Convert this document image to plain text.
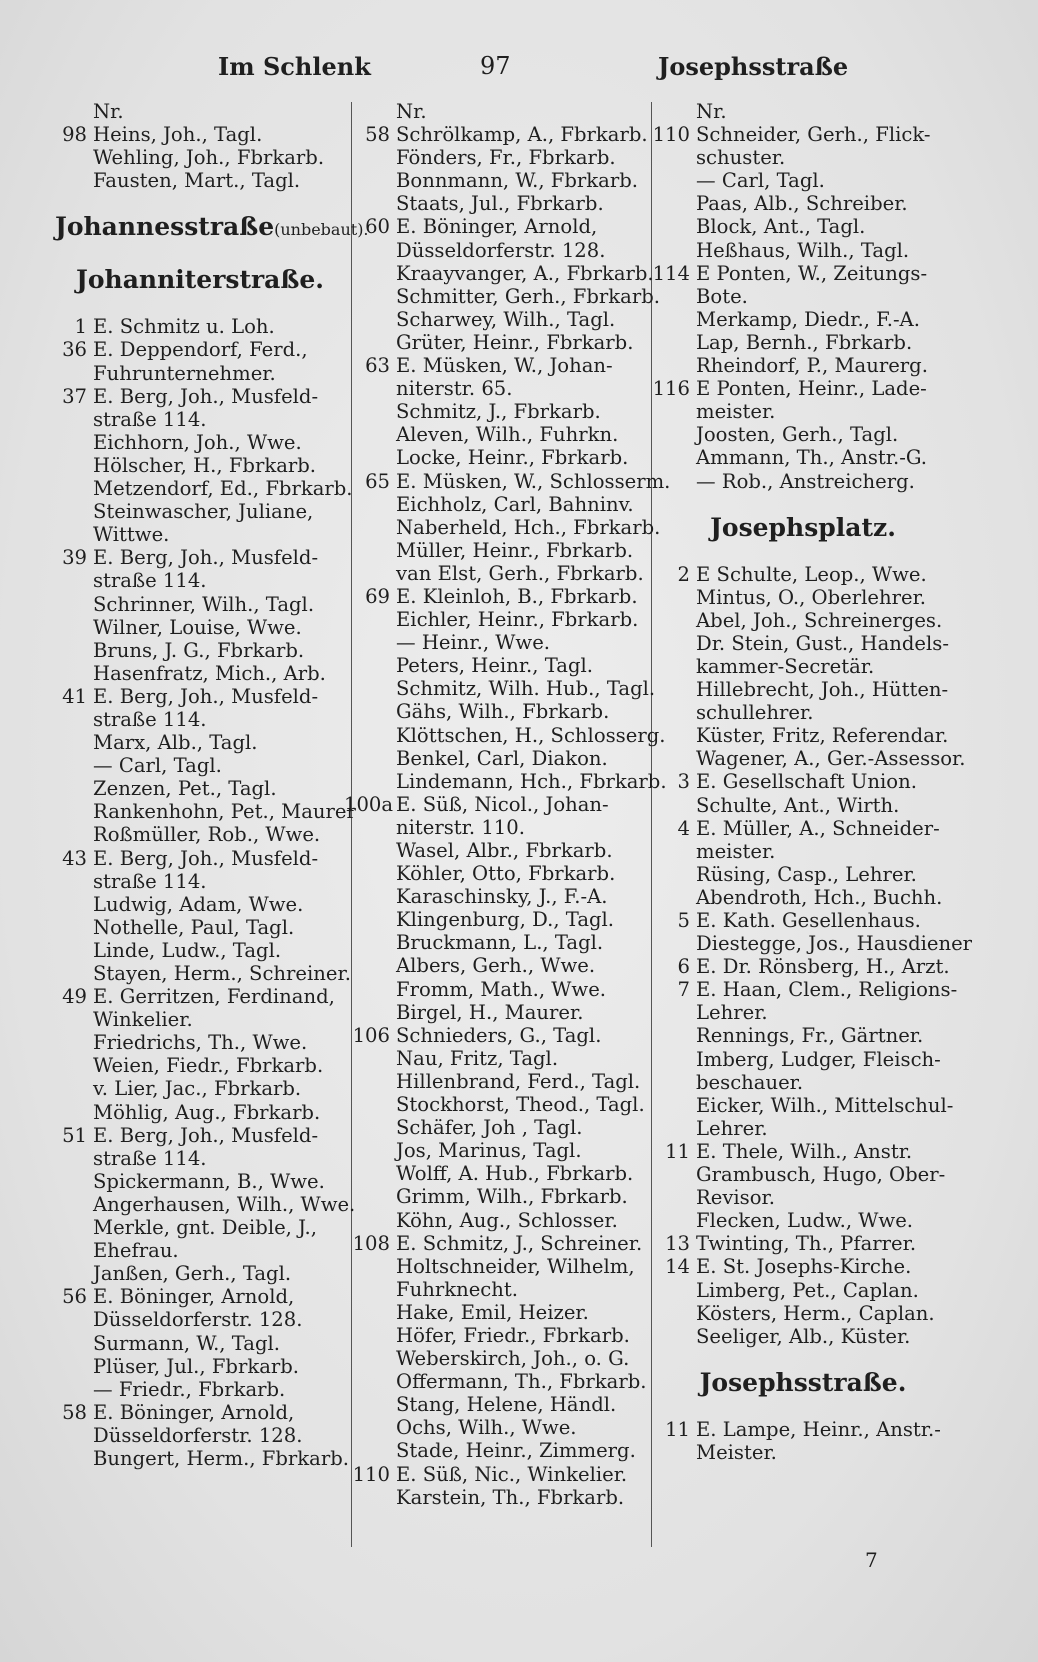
Im Schlenk	97	Josephsstraße
Nr.
98 Heins, Joh., Tagl.
Wehling, Joh., Fbrkarb.
Fausten, Mart., Tagl.
Johannesstraße(unbebaut).
Johanniterstraße.
1 E. Schmitz u. Loh.
36 E. Deppendorf, Ferd.,
Fuhrunternehmer.
37 E. Berg, Joh., Musfeld-
straße 114.
Eichhorn, Joh., Wwe.
Hölscher, H., Fbrkarb.
Metzendorf, Ed., Fbrkarb.
Steinwascher, Juliane,
Wittwe.
39 E. Berg, Joh., Musfeld-
straße 114.
Schrinner, Wilh., Tagl.
Wilner, Louise, Wwe.
Bruns, J. G., Fbrkarb.
Hasenfratz, Mich., Arb.
41 E. Berg, Joh., Musfeld-
straße 114.
Marx, Alb., Tagl.
— Carl, Tagl.
Zenzen, Pet., Tagl.
Rankenhohn, Pet., Maurer
Roßmüller, Rob., Wwe.
43 E. Berg, Joh., Musfeld-
straße 114.
Ludwig, Adam, Wwe.
Nothelle, Paul, Tagl.
Linde, Ludw., Tagl.
Stayen, Herm., Schreiner.
49 E. Gerritzen, Ferdinand,
Winkelier.
Friedrichs, Th., Wwe.
Weien, Fiedr., Fbrkarb.
v. Lier, Jac., Fbrkarb.
Möhlig, Aug., Fbrkarb.
51 E. Berg, Joh., Musfeld-
straße 114.
Spickermann, B., Wwe.
Angerhausen, Wilh., Wwe.
Merkle, gnt. Deible, J.,
Ehefrau.
Janßen, Gerh., Tagl.
56 E. Böninger, Arnold,
Düsseldorferstr. 128.
Surmann, W., Tagl.
Plüser, Jul., Fbrkarb.
— Friedr., Fbrkarb.
58 E. Böninger, Arnold,
Düsseldorferstr. 128.
Bungert, Herm., Fbrkarb.
Nr.
58 Schrölkamp, A., Fbrkarb.
Fönders, Fr., Fbrkarb.
Bonnmann, W., Fbrkarb.
Staats, Jul., Fbrkarb.
60 E. Böninger, Arnold,
Düsseldorferstr. 128.
Kraayvanger, A., Fbrkarb.
Schmitter, Gerh., Fbrkarb.
Scharwey, Wilh., Tagl.
Grüter, Heinr., Fbrkarb.
63 E. Müsken, W., Johan-
niterstr. 65.
Schmitz, J., Fbrkarb.
Aleven, Wilh., Fuhrkn.
Locke, Heinr., Fbrkarb.
65 E. Müsken, W., Schlosserm.
Eichholz, Carl, Bahninv.
Naberheld, Hch., Fbrkarb.
Müller, Heinr., Fbrkarb.
van Elst, Gerh., Fbrkarb.
69 E. Kleinloh, B., Fbrkarb.
Eichler, Heinr., Fbrkarb.
— Heinr., Wwe.
Peters, Heinr., Tagl.
Schmitz, Wilh. Hub., Tagl.
Gähs, Wilh., Fbrkarb.
Klöttschen, H., Schlosserg.
Benkel, Carl, Diakon.
Lindemann, Hch., Fbrkarb.
100a E. Süß, Nicol., Johan-
niterstr. 110.
Wasel, Albr., Fbrkarb.
Köhler, Otto, Fbrkarb.
Karaschinsky, J., F.-A.
Klingenburg, D., Tagl.
Bruckmann, L., Tagl.
Albers, Gerh., Wwe.
Fromm, Math., Wwe.
Birgel, H., Maurer.
106 Schnieders, G., Tagl.
Nau, Fritz, Tagl.
Hillenbrand, Ferd., Tagl.
Stockhorst, Theod., Tagl.
Schäfer, Joh , Tagl.
Jos, Marinus, Tagl.
Wolff, A. Hub., Fbrkarb.
Grimm, Wilh., Fbrkarb.
Köhn, Aug., Schlosser.
108 E. Schmitz, J., Schreiner.
Holtschneider, Wilhelm,
Fuhrknecht.
Hake, Emil, Heizer.
Höfer, Friedr., Fbrkarb.
Weberskirch, Joh., o. G.
Offermann, Th., Fbrkarb.
Stang, Helene, Händl.
Ochs, Wilh., Wwe.
Stade, Heinr., Zimmerg.
110 E. Süß, Nic., Winkelier.
Karstein, Th., Fbrkarb.
Nr.
110 Schneider, Gerh., Flick-
schuster.
— Carl, Tagl.
Paas, Alb., Schreiber.
Block, Ant., Tagl.
Heßhaus, Wilh., Tagl.
114 E Ponten, W., Zeitungs-
Bote.
Merkamp, Diedr., F.-A.
Lap, Bernh., Fbrkarb.
Rheindorf, P., Maurerg.
116 E Ponten, Heinr., Lade-
meister.
Joosten, Gerh., Tagl.
Ammann, Th., Anstr.-G.
— Rob., Anstreicherg.
Josephsplatz.
2 E Schulte, Leop., Wwe.
Mintus, O., Oberlehrer.
Abel, Joh., Schreinerges.
Dr. Stein, Gust., Handels-
kammer-Secretär.
Hillebrecht, Joh., Hütten-
schullehrer.
Küster, Fritz, Referendar.
Wagener, A., Ger.-Assessor.
3 E. Gesellschaft Union.
Schulte, Ant., Wirth.
4 E. Müller, A., Schneider-
meister.
Rüsing, Casp., Lehrer.
Abendroth, Hch., Buchh.
5 E. Kath. Gesellenhaus.
Diestegge, Jos., Hausdiener
6 E. Dr. Rönsberg, H., Arzt.
7 E. Haan, Clem., Religions-
Lehrer.
Rennings, Fr., Gärtner.
Imberg, Ludger, Fleisch-
beschauer.
Eicker, Wilh., Mittelschul-
Lehrer.
11 E. Thele, Wilh., Anstr.
Grambusch, Hugo, Ober-
Revisor.
Flecken, Ludw., Wwe.
13 Twinting, Th., Pfarrer.
14 E. St. Josephs-Kirche.
Limberg, Pet., Caplan.
Kösters, Herm., Caplan.
Seeliger, Alb., Küster.
Josephsstraße.
11 E. Lampe, Heinr., Anstr.-
Meister.
7
